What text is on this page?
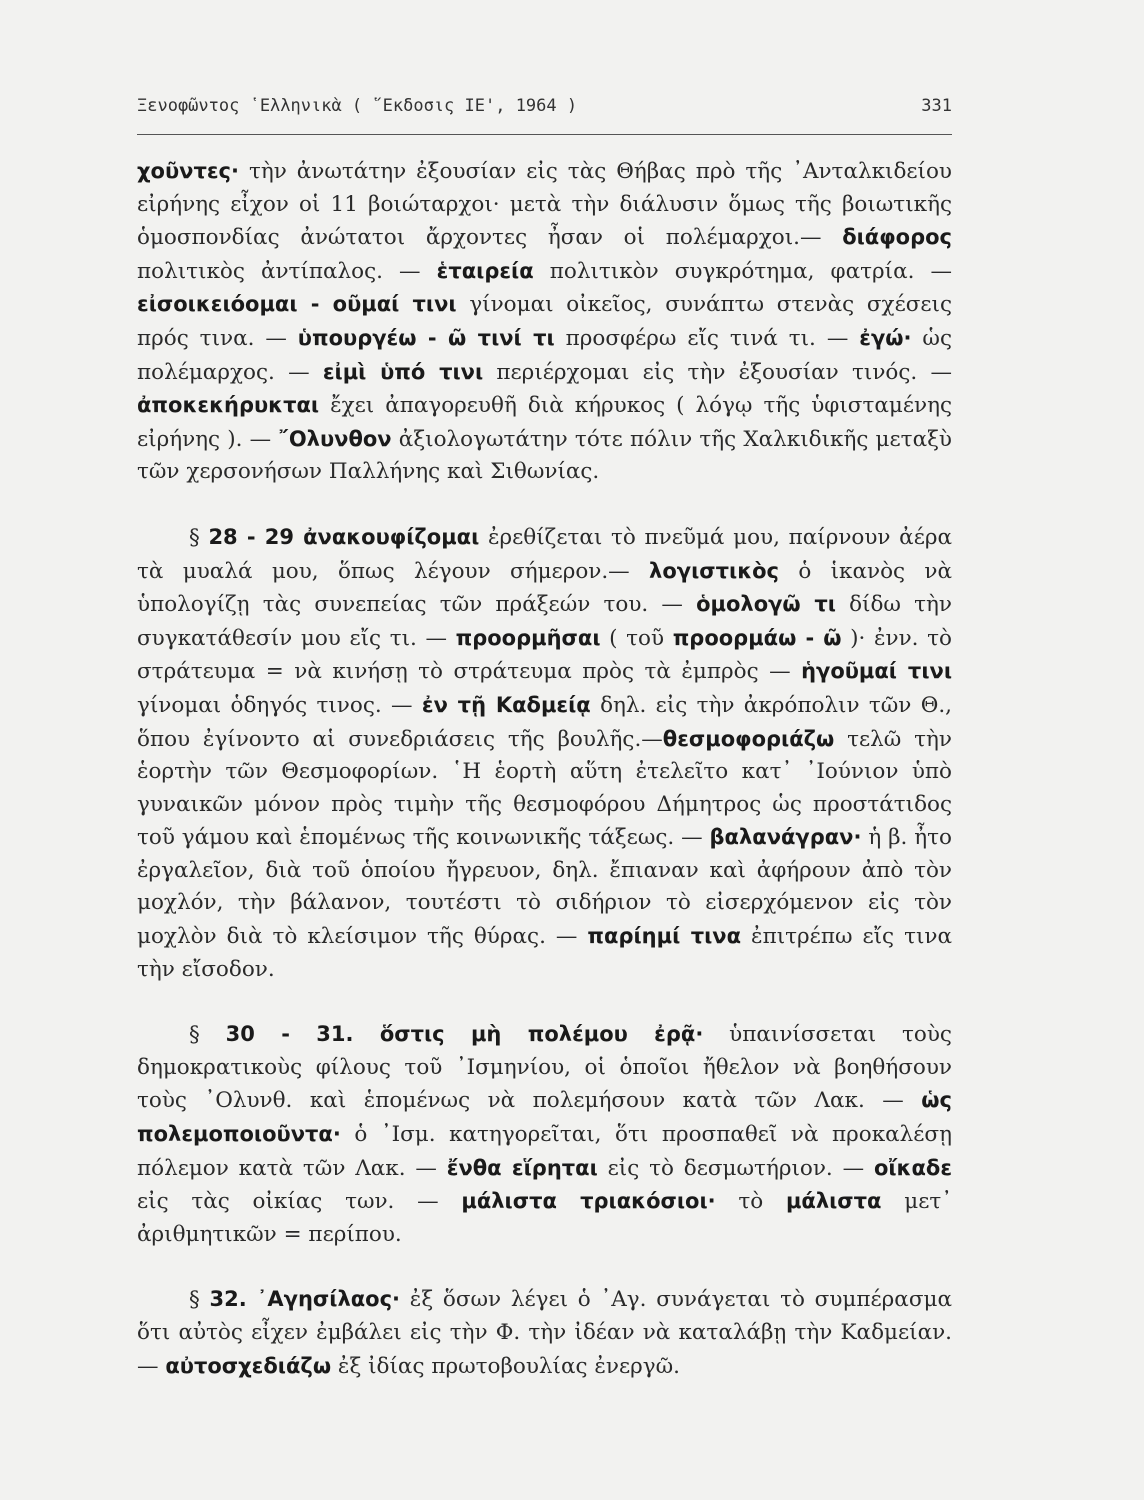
Ξενοφῶντος ῾Ελληνικὰ ( ῞Εκδοσις ΙΕ', 1964 )	331

χοῦντες· τὴν ἀνωτάτην ἐξουσίαν εἰς τὰς Θήβας πρὸ τῆς ᾿Ανταλκιδείου εἰρήνης εἶχον οἱ 11 βοιώταρχοι· μετὰ τὴν διάλυσιν ὅμως τῆς βοιωτικῆς ὁμοσπονδίας ἀνώτατοι ἄρχοντες ἦσαν οἱ πολέμαρχοι.— διάφορος πολιτικὸς ἀντίπαλος. — ἑταιρεία πολιτικὸν συγκρότημα, φατρία. — εἰσοικειόομαι - οῦμαί τινι γίνομαι οἰκεῖος, συνάπτω στενὰς σχέσεις πρός τινα. — ὑπουργέω - ῶ τινί τι προσφέρω εἴς τινά τι. — ἐγώ· ὡς πολέμαρχος. — εἰμὶ ὑπό τινι περιέρχομαι εἰς τὴν ἐξουσίαν τινός. — ἀποκεκήρυκται ἔχει ἀπαγορευθῆ διὰ κήρυκος ( λόγῳ τῆς ὑφισταμένης εἰρήνης ). — ῎Ολυνθον ἀξιολογωτάτην τότε πόλιν τῆς Χαλκιδικῆς μεταξὺ τῶν χερσονήσων Παλλήνης καὶ Σιθωνίας.

§ 28 - 29 ἀνακουφίζομαι ἐρεθίζεται τὸ πνεῦμά μου, παίρνουν ἀέρα τὰ μυαλά μου, ὅπως λέγουν σήμερον.— λογιστικὸς ὁ ἱκανὸς νὰ ὑπολογίζῃ τὰς συνεπείας τῶν πράξεών του. — ὁμολογῶ τι δίδω τὴν συγκατάθεσίν μου εἴς τι. — προορμῆσαι ( τοῦ προορμάω - ῶ )· ἐνν. τὸ στράτευμα = νὰ κινήσῃ τὸ στράτευμα πρὸς τὰ ἐμπρὸς — ἡγοῦμαί τινι γίνομαι ὁδηγός τινος. — ἐν τῇ Καδμείᾳ δηλ. εἰς τὴν ἀκρόπολιν τῶν Θ., ὅπου ἐγίνοντο αἱ συνεδριάσεις τῆς βουλῆς.—θεσμοφοριάζω τελῶ τὴν ἑορτὴν τῶν Θεσμοφορίων. ῾Η ἑορτὴ αὕτη ἐτελεῖτο κατ᾿ ᾿Ιούνιον ὑπὸ γυναικῶν μόνον πρὸς τιμὴν τῆς θεσμοφόρου Δήμητρος ὡς προστάτιδος τοῦ γάμου καὶ ἑπομένως τῆς κοινωνικῆς τάξεως. — βαλανάγραν· ἡ β. ἦτο ἐργαλεῖον, διὰ τοῦ ὁποίου ἤγρευον, δηλ. ἔπιαναν καὶ ἀφήρουν ἀπὸ τὸν μοχλόν, τὴν βάλανον, τουτέστι τὸ σιδήριον τὸ εἰσερχόμενον εἰς τὸν μοχλὸν διὰ τὸ κλείσιμον τῆς θύρας. — παρίημί τινα ἐπιτρέπω εἴς τινα τὴν εἴσοδον.

§ 30 - 31. ὅστις μὴ πολέμου ἐρᾷ· ὑπαινίσσεται τοὺς δημοκρατικοὺς φίλους τοῦ ᾿Ισμηνίου, οἱ ὁποῖοι ἤθελον νὰ βοηθήσουν τοὺς ᾿Ολυνθ. καὶ ἑπομένως νὰ πολεμήσουν κατὰ τῶν Λακ. — ὡς πολεμοποιοῦντα· ὁ ᾿Ισμ. κατηγορεῖται, ὅτι προσπαθεῖ νὰ προκαλέσῃ πόλεμον κατὰ τῶν Λακ. — ἔνθα εἵρηται εἰς τὸ δεσμωτήριον. — οἴκαδε εἰς τὰς οἰκίας των. — μάλιστα τριακόσιοι· τὸ μάλιστα μετ᾿ ἀριθμητικῶν = περίπου.

§ 32. ᾿Αγησίλαος· ἐξ ὅσων λέγει ὁ ᾿Αγ. συνάγεται τὸ συμπέρασμα ὅτι αὐτὸς εἶχεν ἐμβάλει εἰς τὴν Φ. τὴν ἰδέαν νὰ καταλάβῃ τὴν Καδμείαν. — αὐτοσχεδιάζω ἐξ ἰδίας πρωτοβουλίας ἐνεργῶ.
